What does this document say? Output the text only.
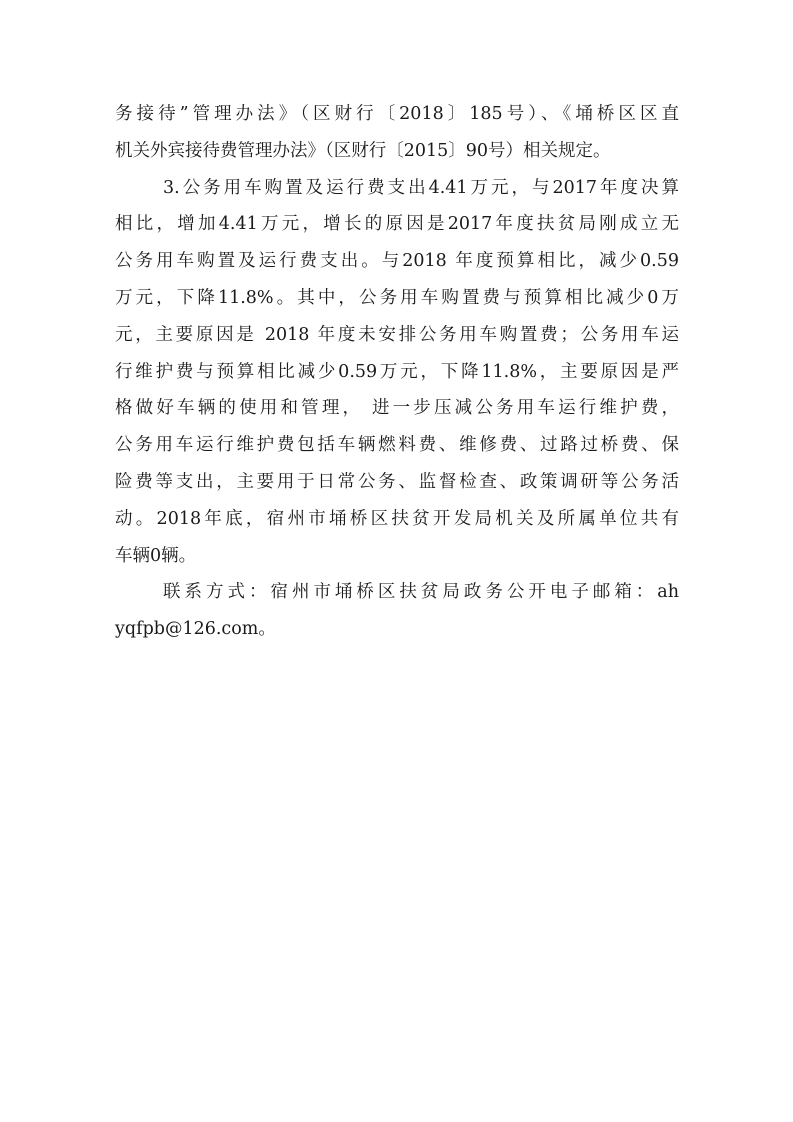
务接待”管理办法》（区财行〔2018〕185号）、《埇桥区区直
机关外宾接待费管理办法》（区财行〔2015〕90号）相关规定。

3.公务用车购置及运行费支出4.41万元，与2017年度决算
相比，增加4.41万元，增长的原因是2017年度扶贫局刚成立无
公务用车购置及运行费支出。与2018 年度预算相比，减少0.59
万元，下降11.8%。其中，公务用车购置费与预算相比减少0万
元，主要原因是 2018 年度未安排公务用车购置费；公务用车运
行维护费与预算相比减少0.59万元，下降11.8%，主要原因是严
格做好车辆的使用和管理， 进一步压减公务用车运行维护费，
公务用车运行维护费包括车辆燃料费、维修费、过路过桥费、保
险费等支出，主要用于日常公务、监督检查、政策调研等公务活
动。2018年底，宿州市埇桥区扶贫开发局机关及所属单位共有
车辆0辆。

联系方式：宿州市埇桥区扶贫局政务公开电子邮箱：ah
yqfpb@126.com。
